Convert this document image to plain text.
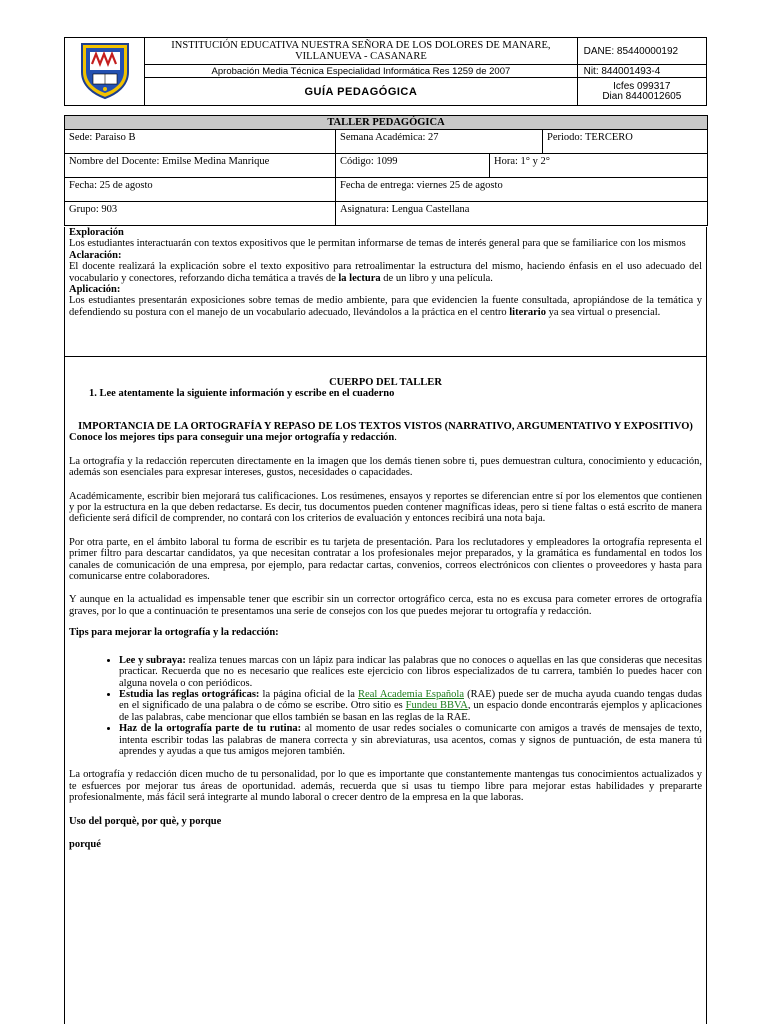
	INSTITUCIÓN EDUCATIVA NUESTRA SEÑORA DE LOS DOLORES DE MANARE,
VILLANUEVA - CASANARE	DANE: 85440000192
	Aprobación Media Técnica Especialidad Informática Res 1259 de 2007	Nit: 844001493-4
	GUÍA PEDAGÓGICA	Icfes 099317
Dian 8440012605

TALLER PEDAGÓGICA			
Sede: Paraiso B	Semana Académica: 27		Periodo: TERCERO
Nombre del Docente: Emilse Medina Manrique	Código: 1099	Hora: 1° y 2°	
Fecha: 25 de agosto	Fecha de entrega: viernes 25 de agosto		
Grupo: 903	Asignatura: Lengua Castellana		

Exploración

Los estudiantes interactuarán con textos expositivos que le permitan informarse de temas de interés general para que se familiarice con los mismos

Aclaración:

El docente realizará la explicación sobre el texto expositivo para retroalimentar la estructura del mismo, haciendo énfasis en el uso adecuado del vocabulario y conectores, reforzando dicha temática a través de la lectura de un libro y una película.

Aplicación:

Los estudiantes presentarán exposiciones sobre temas de medio ambiente, para que evidencien la fuente consultada, apropiándose de la temática y defendiendo su postura con el manejo de un vocabulario adecuado, llevándolos a la práctica en el centro literario ya sea virtual o presencial.

CUERPO DEL TALLER

1. Lee atentamente la siguiente información y escribe en el cuaderno

IMPORTANCIA DE LA ORTOGRAFÍA Y REPASO DE LOS TEXTOS VISTOS (NARRATIVO, ARGUMENTATIVO Y EXPOSITIVO)

Conoce los mejores tips para conseguir una mejor ortografía y redacción.

La ortografía y la redacción repercuten directamente en la imagen que los demás tienen sobre ti, pues demuestran cultura, conocimiento y educación, además son esenciales para expresar intereses, gustos, necesidades o capacidades.

Académicamente, escribir bien mejorará tus calificaciones. Los resúmenes, ensayos y reportes se diferencian entre sí por los elementos que contienen y por la estructura en la que deben redactarse. Es decir, tus documentos pueden contener magníficas ideas, pero si tiene faltas o está escrito de manera deficiente será difícil de comprender, no contará con los criterios de evaluación y entonces recibirá una nota baja.

Por otra parte, en el ámbito laboral tu forma de escribir es tu tarjeta de presentación. Para los reclutadores y empleadores la ortografía representa el primer filtro para descartar candidatos, ya que necesitan contratar a los profesionales mejor preparados, y la gramática es fundamental en todos los canales de comunicación de una empresa, por ejemplo, para redactar cartas, convenios, correos electrónicos con clientes o proveedores y hasta para comunicarse entre colaboradores.

Y aunque en la actualidad es impensable tener que escribir sin un corrector ortográfico cerca, esta no es excusa para cometer errores de ortografía graves, por lo que a continuación te presentamos una serie de consejos con los que puedes mejorar tu ortografía y redacción.

Tips para mejorar la ortografía y la redacción:

• Lee y subraya: realiza tenues marcas con un lápiz para indicar las palabras que no conoces o aquellas en las que consideras que necesitas practicar. Recuerda que no es necesario que realices este ejercicio con libros especializados de tu carrera, también lo puedes hacer con alguna novela o con periódicos.
• Estudia las reglas ortográficas: la página oficial de la Real Academia Española (RAE) puede ser de mucha ayuda cuando tengas dudas en el significado de una palabra o de cómo se escribe. Otro sitio es Fundeu BBVA, un espacio donde encontrarás ejemplos y aplicaciones de las palabras, cabe mencionar que ellos también se basan en las reglas de la RAE.
• Haz de la ortografía parte de tu rutina: al momento de usar redes sociales o comunicarte con amigos a través de mensajes de texto, intenta escribir todas las palabras de manera correcta y sin abreviaturas, usa acentos, comas y signos de puntuación, de esta manera tú aprendes y ayudas a que tus amigos mejoren también.

La ortografía y redacción dicen mucho de tu personalidad, por lo que es importante que constantemente mantengas tus conocimientos actualizados y te esfuerces por mejorar tus áreas de oportunidad. además, recuerda que si usas tu tiempo libre para mejorar estas habilidades y prepararte profesionalmente, más fácil será integrarte al mundo laboral o crecer dentro de la empresa en la que laboras.

Uso del porquè, por què, y porque

porqué
